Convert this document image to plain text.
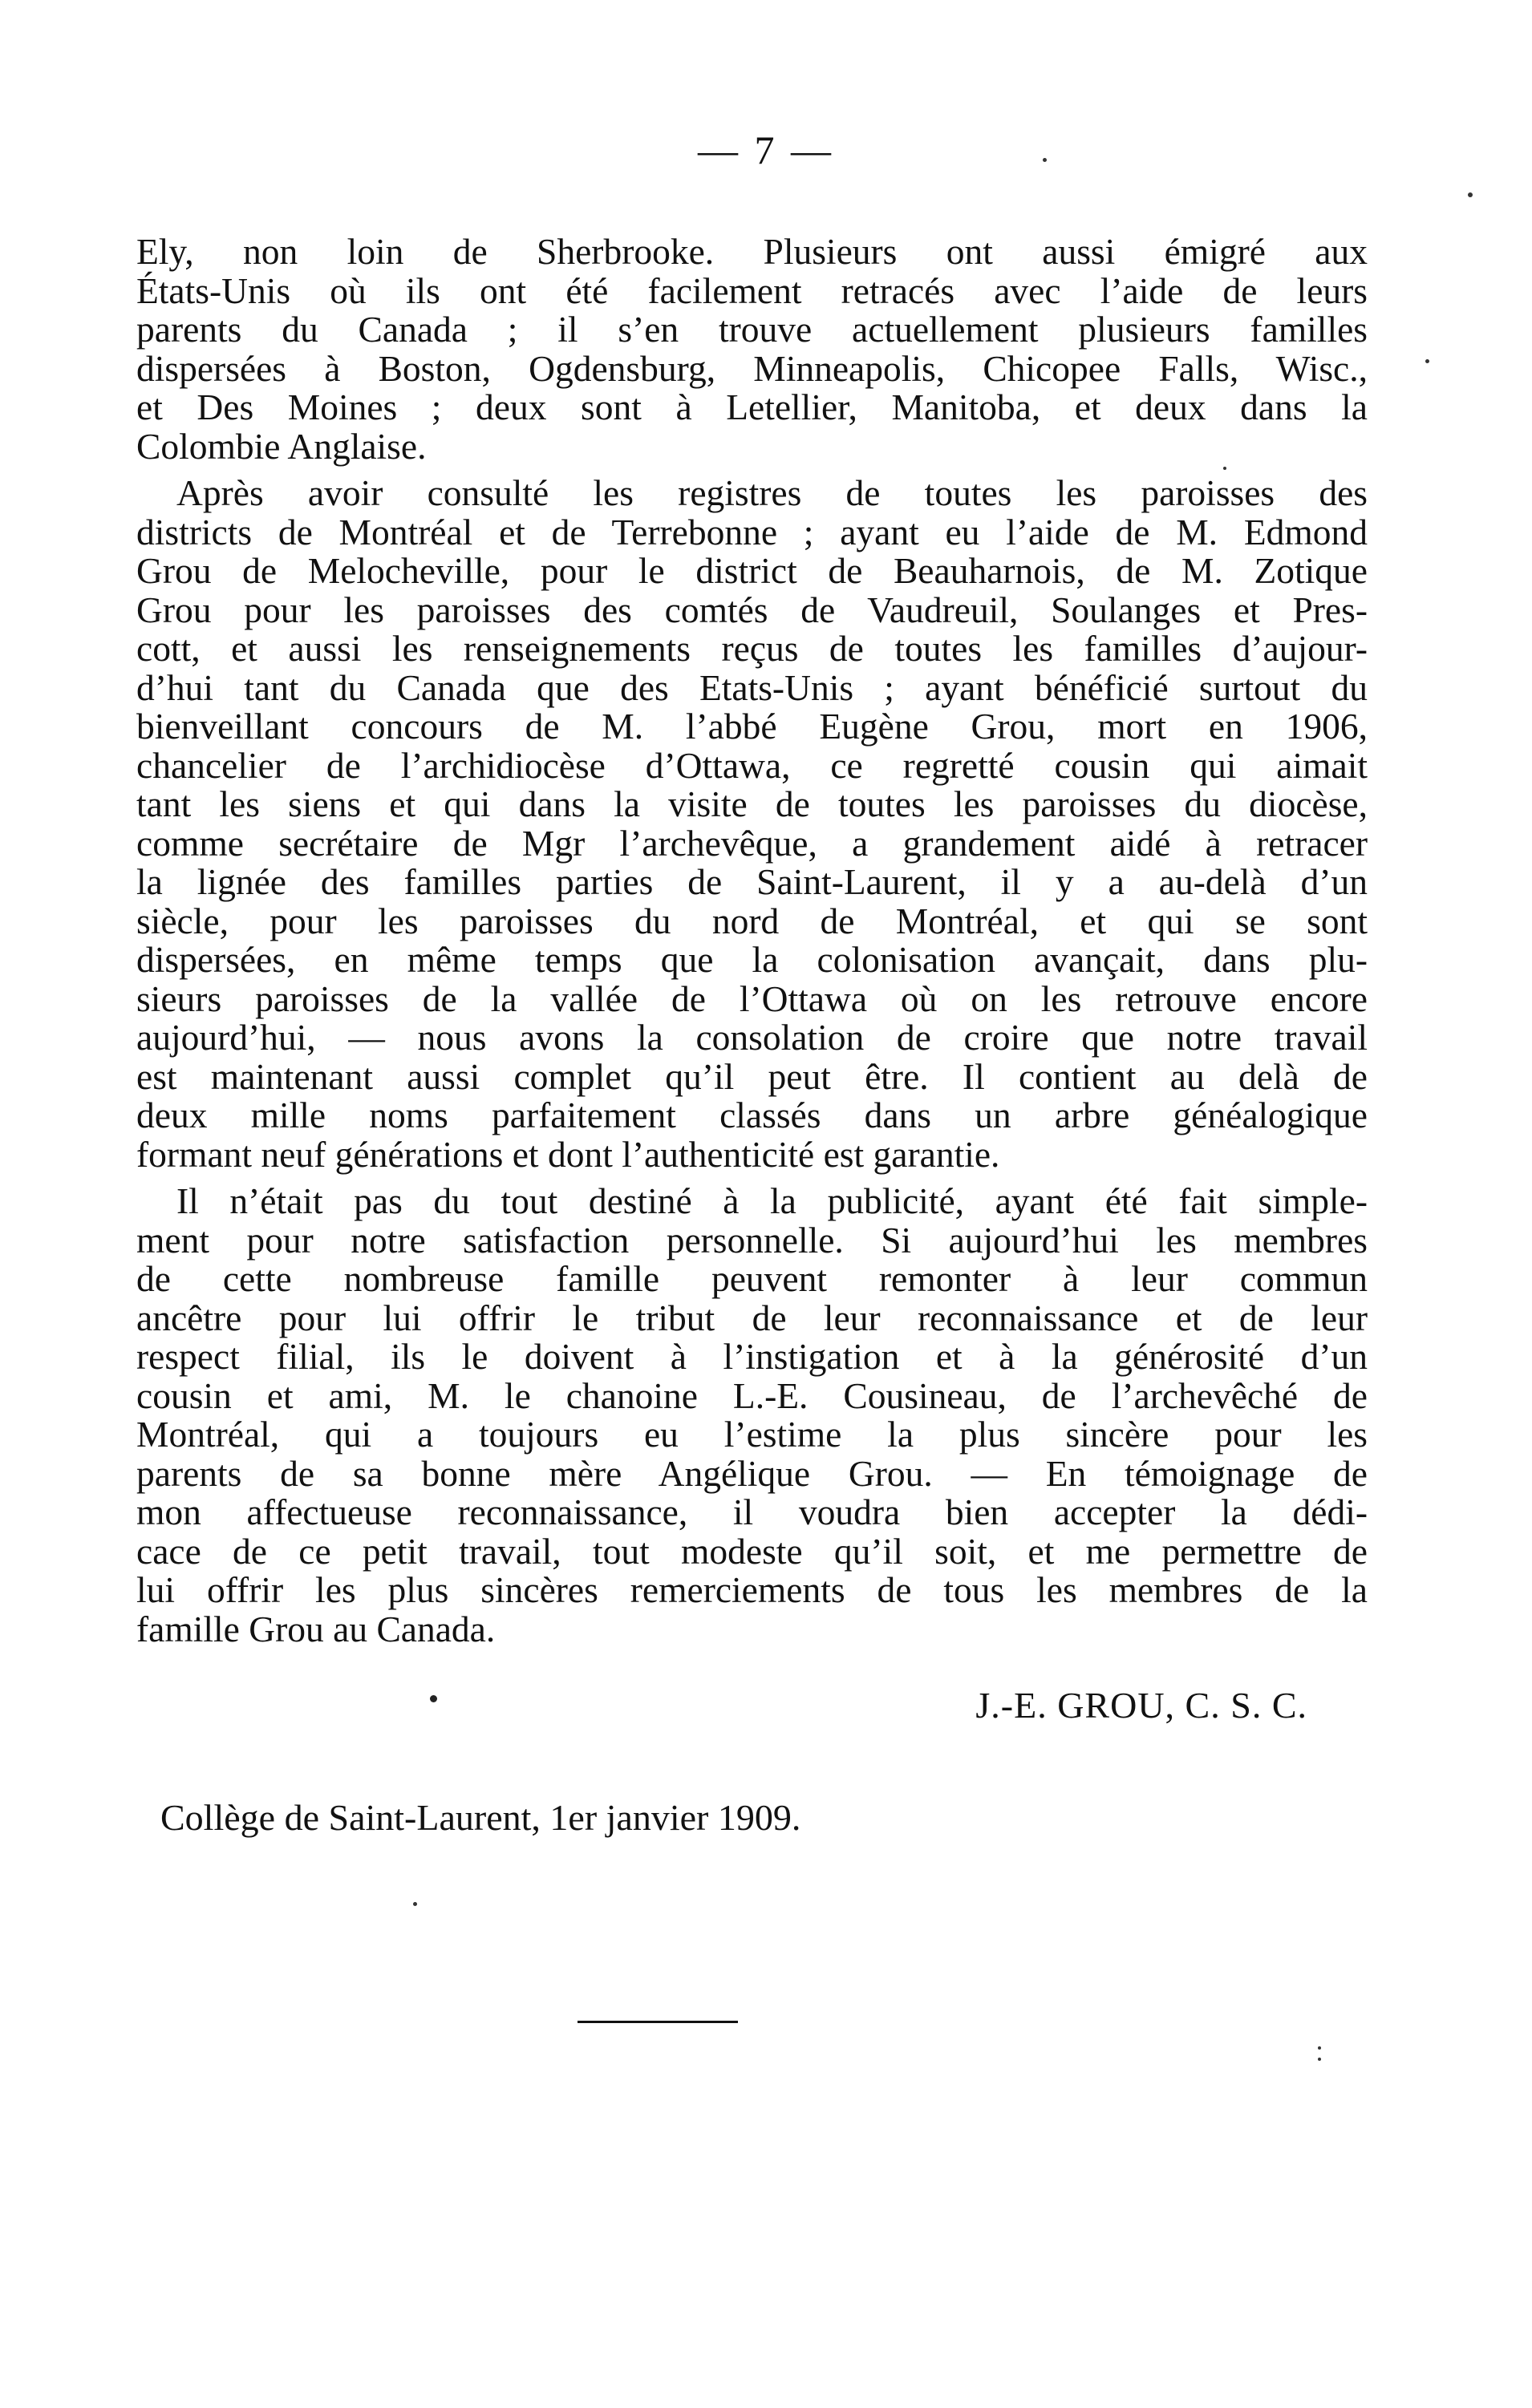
— 7 —
Ely, non loin de Sherbrooke. Plusieurs ont aussi émigré aux
États-Unis où ils ont été facilement retracés avec l’aide de leurs
parents du Canada ; il s’en trouve actuellement plusieurs familles
dispersées à Boston, Ogdensburg, Minneapolis, Chicopee Falls, Wisc.,
et Des Moines ; deux sont à Letellier, Manitoba, et deux dans la
Colombie Anglaise.
Après avoir consulté les registres de toutes les paroisses des
districts de Montréal et de Terrebonne ; ayant eu l’aide de M. Edmond
Grou de Melocheville, pour le district de Beauharnois, de M. Zotique
Grou pour les paroisses des comtés de Vaudreuil, Soulanges et Pres-
cott, et aussi les renseignements reçus de toutes les familles d’aujour-
d’hui tant du Canada que des Etats-Unis ; ayant bénéficié surtout du
bienveillant concours de M. l’abbé Eugène Grou, mort en 1906,
chancelier de l’archidiocèse d’Ottawa, ce regretté cousin qui aimait
tant les siens et qui dans la visite de toutes les paroisses du diocèse,
comme secrétaire de Mgr l’archevêque, a grandement aidé à retracer
la lignée des familles parties de Saint-Laurent, il y a au-delà d’un
siècle, pour les paroisses du nord de Montréal, et qui se sont
dispersées, en même temps que la colonisation avançait, dans plu-
sieurs paroisses de la vallée de l’Ottawa où on les retrouve encore
aujourd’hui, — nous avons la consolation de croire que notre travail
est maintenant aussi complet qu’il peut être. Il contient au delà de
deux mille noms parfaitement classés dans un arbre généalogique
formant neuf générations et dont l’authenticité est garantie.
Il n’était pas du tout destiné à la publicité, ayant été fait simple-
ment pour notre satisfaction personnelle. Si aujourd’hui les membres
de cette nombreuse famille peuvent remonter à leur commun
ancêtre pour lui offrir le tribut de leur reconnaissance et de leur
respect filial, ils le doivent à l’instigation et à la générosité d’un
cousin et ami, M. le chanoine L.-E. Cousineau, de l’archevêché de
Montréal, qui a toujours eu l’estime la plus sincère pour les
parents de sa bonne mère Angélique Grou. — En témoignage de
mon affectueuse reconnaissance, il voudra bien accepter la dédi-
cace de ce petit travail, tout modeste qu’il soit, et me permettre de
lui offrir les plus sincères remerciements de tous les membres de la
famille Grou au Canada.
J.-E. GROU, C. S. C.
Collège de Saint-Laurent, 1er janvier 1909.
